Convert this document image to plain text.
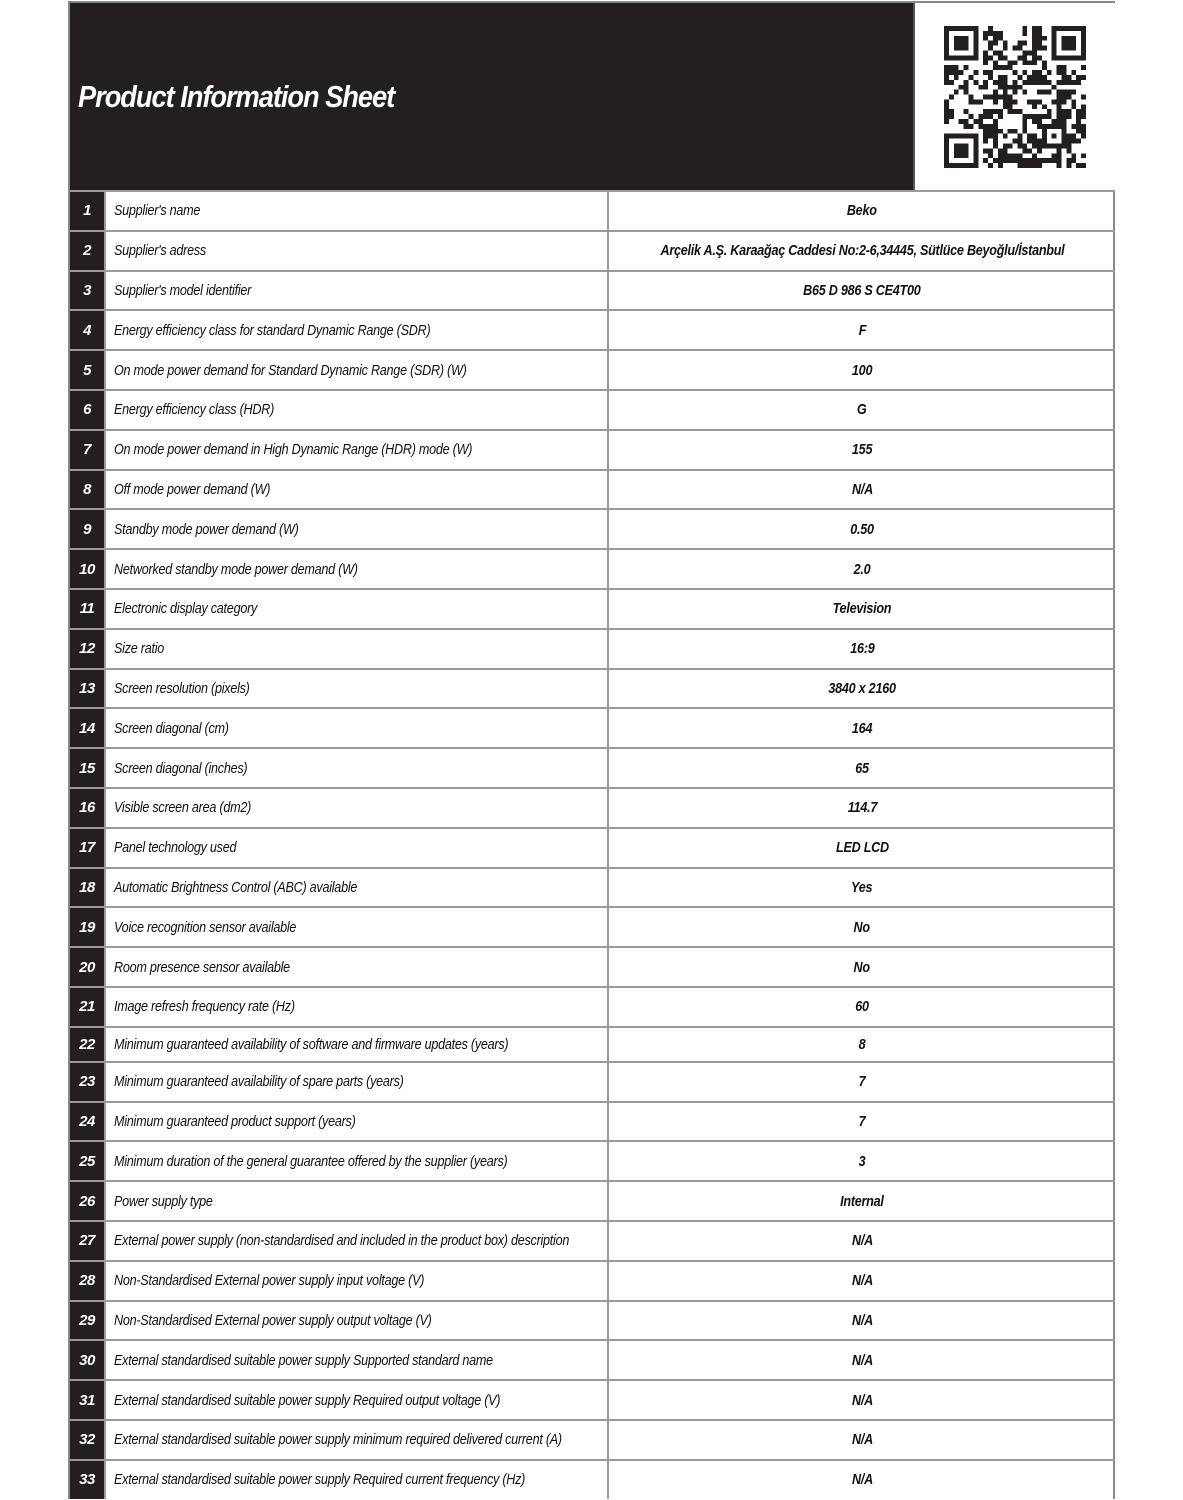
Product Information Sheet
1	Supplier's name	Beko
2	Supplier's adress	Arçelik A.Ş. Karaağaç Caddesi No:2-6,34445, Sütlüce Beyoğlu/İstanbul
3	Supplier's model identifier	B65 D 986 S CE4T00
4	Energy efficiency class for standard Dynamic Range (SDR)	F
5	On mode power demand for Standard Dynamic Range (SDR) (W)	100
6	Energy efficiency class (HDR)	G
7	On mode power demand in High Dynamic Range (HDR) mode (W)	155
8	Off mode power demand (W)	N/A
9	Standby mode power demand (W)	0.50
10	Networked standby mode power demand (W)	2.0
11	Electronic display category	Television
12	Size ratio	16:9
13	Screen resolution (pixels)	3840 x 2160
14	Screen diagonal (cm)	164
15	Screen diagonal (inches)	65
16	Visible screen area (dm2)	114.7
17	Panel technology used	LED LCD
18	Automatic Brightness Control (ABC) available	Yes
19	Voice recognition sensor available	No
20	Room presence sensor available	No
21	Image refresh frequency rate (Hz)	60
22	Minimum guaranteed availability of software and firmware updates (years)	8
23	Minimum guaranteed availability of spare parts (years)	7
24	Minimum guaranteed product support (years)	7
25	Minimum duration of the general guarantee offered by the supplier (years)	3
26	Power supply type	Internal
27	External power supply (non-standardised and included in the product box) description	N/A
28	Non-Standardised External power supply input voltage (V)	N/A
29	Non-Standardised External power supply output voltage (V)	N/A
30	External standardised suitable power supply Supported standard name	N/A
31	External standardised suitable power supply Required output voltage (V)	N/A
32	External standardised suitable power supply minimum required delivered current (A)	N/A
33	External standardised suitable power supply Required current frequency (Hz)	N/A
